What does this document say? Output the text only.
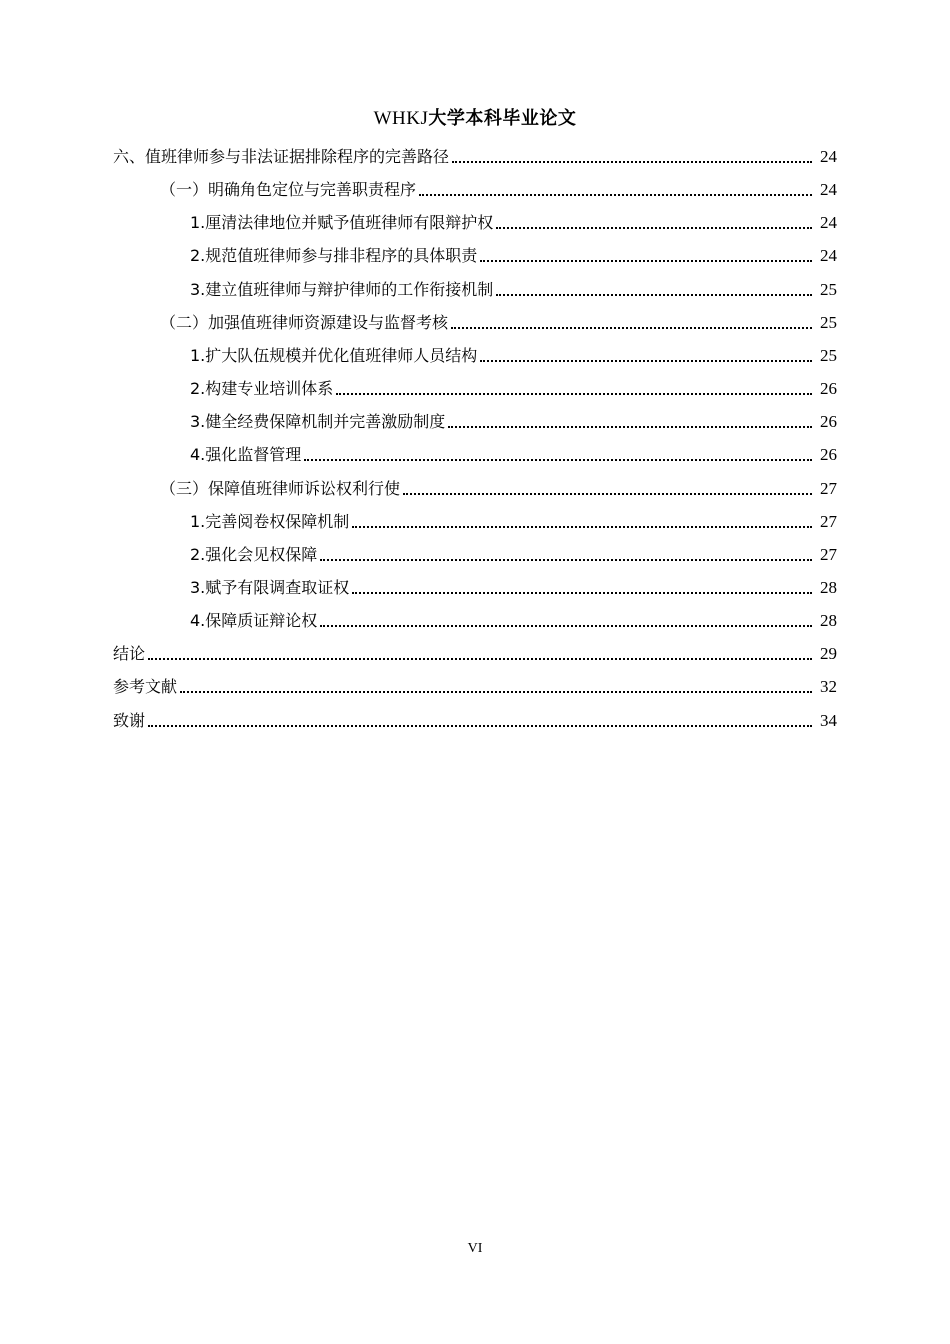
WHKJ大学本科毕业论文
六、值班律师参与非法证据排除程序的完善路径	24
（一）明确角色定位与完善职责程序	24
1.厘清法律地位并赋予值班律师有限辩护权	24
2.规范值班律师参与排非程序的具体职责	24
3.建立值班律师与辩护律师的工作衔接机制	25
（二）加强值班律师资源建设与监督考核	25
1.扩大队伍规模并优化值班律师人员结构	25
2.构建专业培训体系	26
3.健全经费保障机制并完善激励制度	26
4.强化监督管理	26
（三）保障值班律师诉讼权利行使	27
1.完善阅卷权保障机制	27
2.强化会见权保障	27
3.赋予有限调查取证权	28
4.保障质证辩论权	28
结论	29
参考文献	32
致谢	34
VI
